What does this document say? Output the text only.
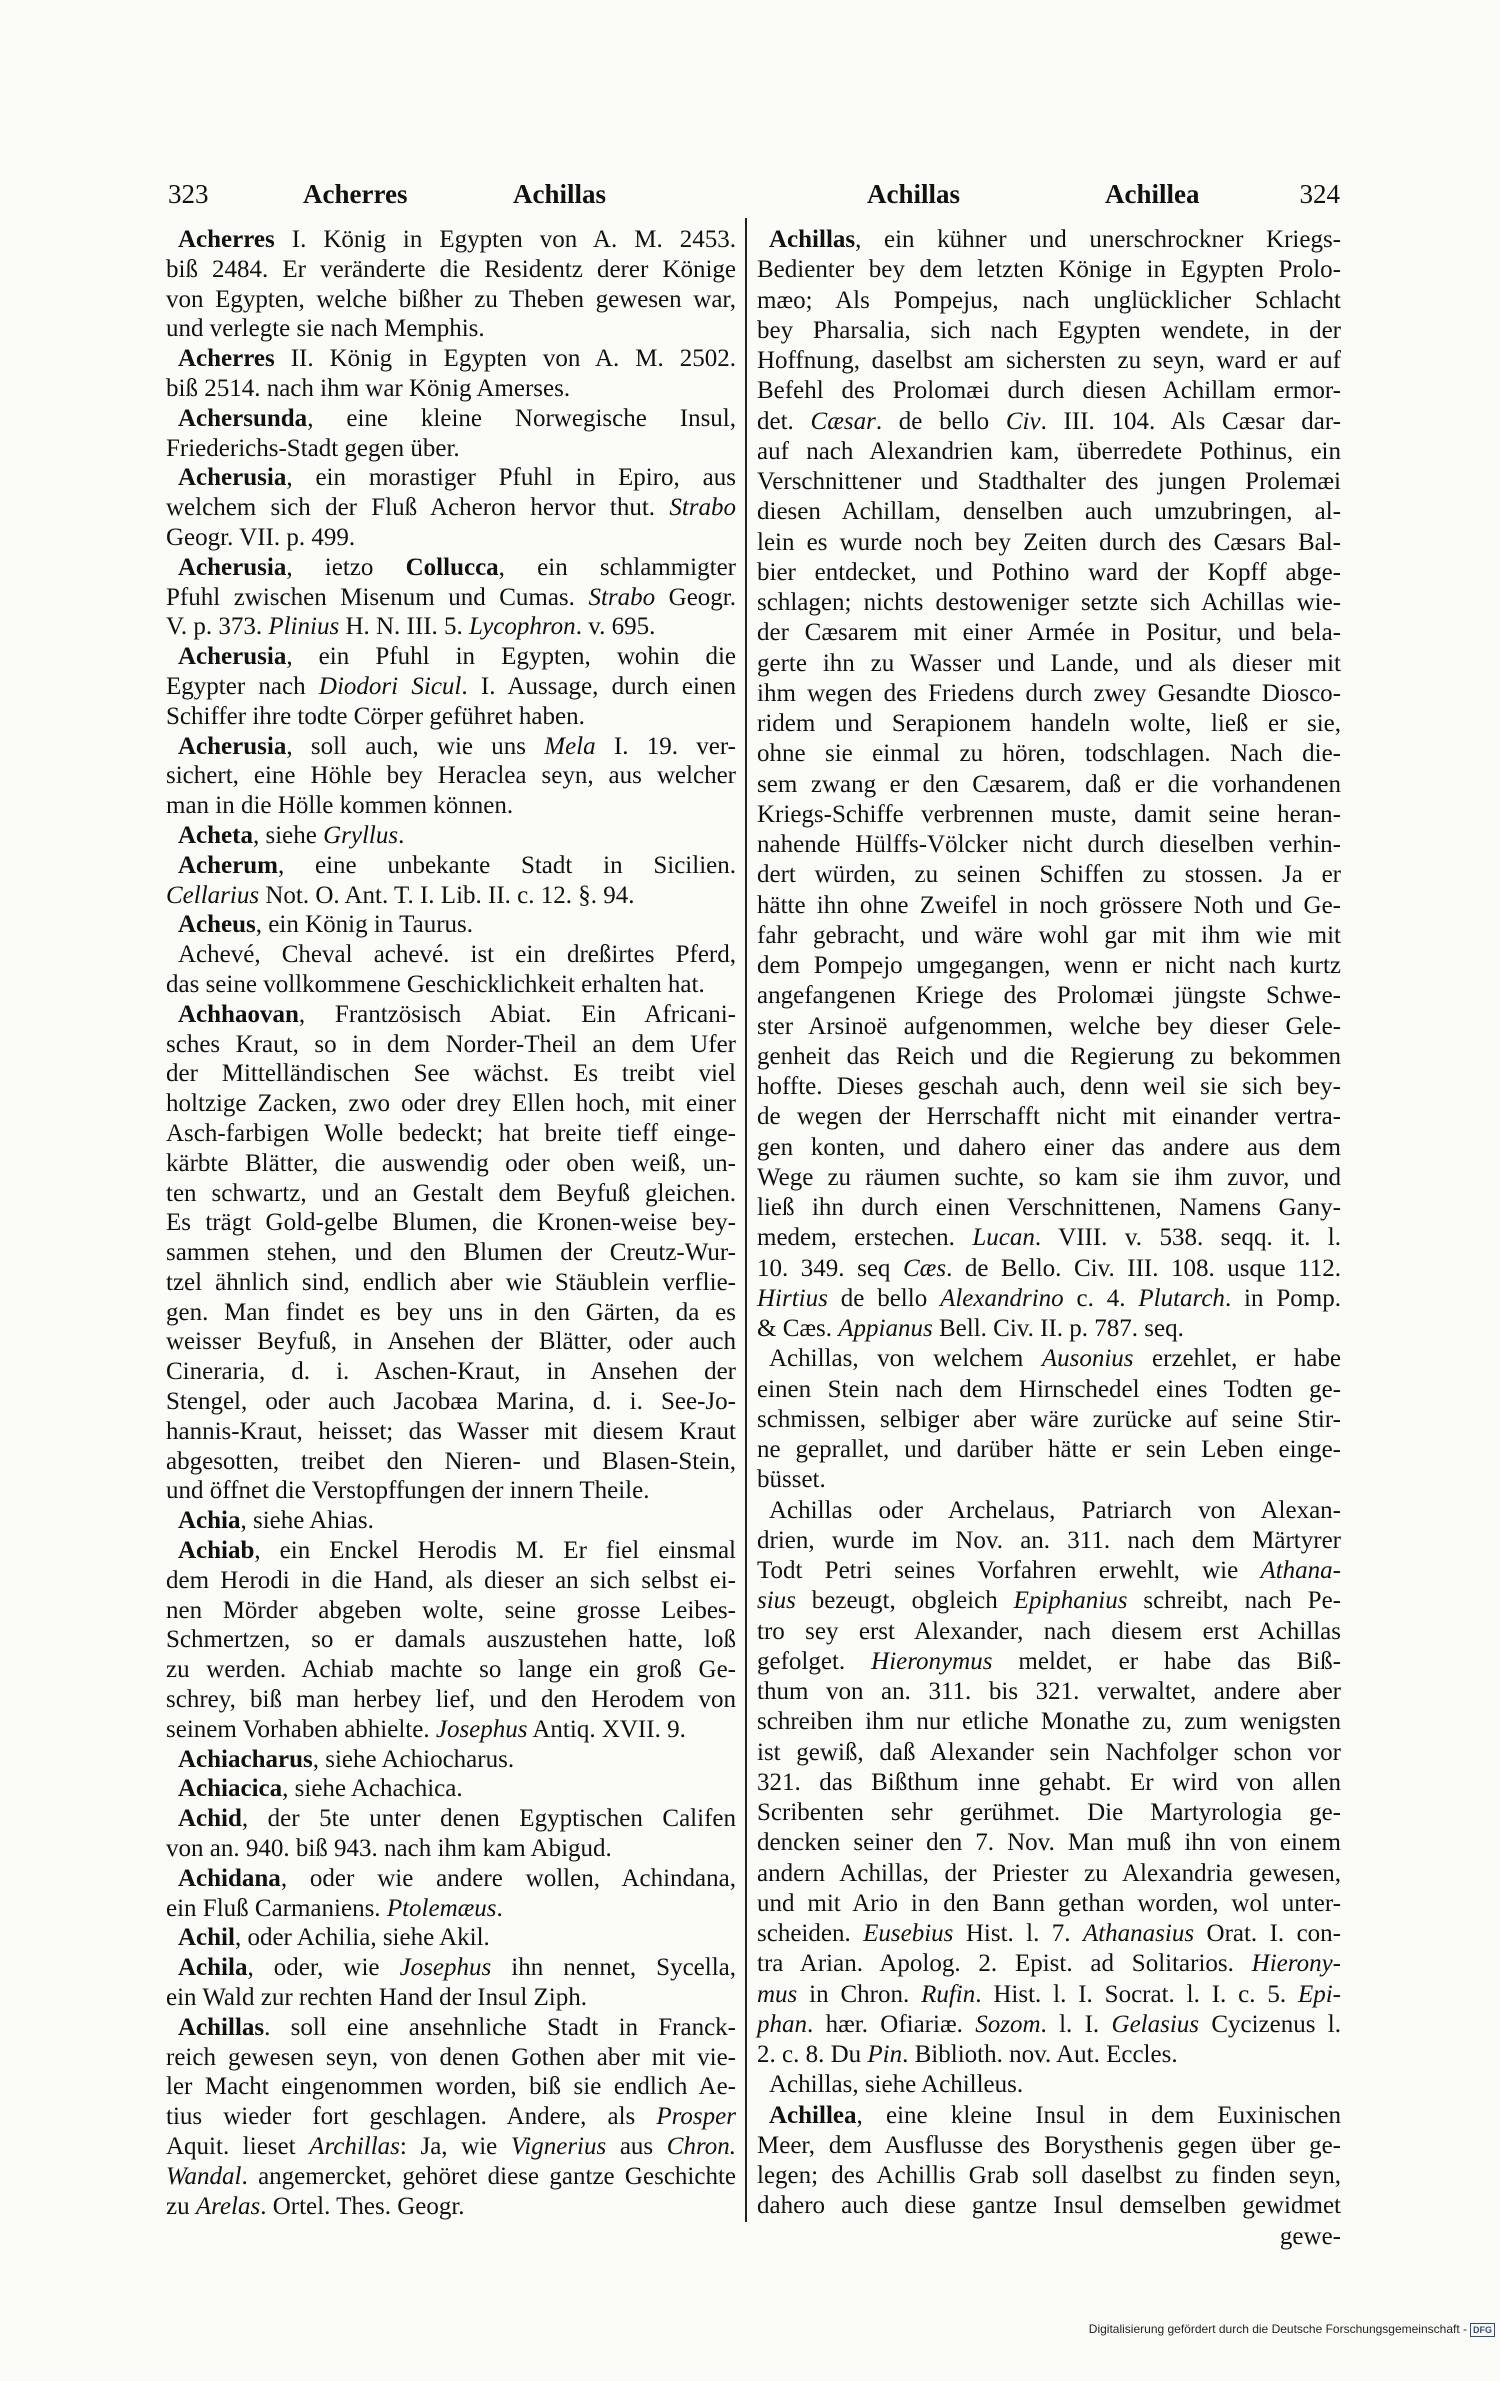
323	Acherres	Achillas	Achillas	Achillea	324
Acherres I. König in Egypten von A. M. 2453.
biß 2484. Er veränderte die Residentz derer Könige
von Egypten, welche bißher zu Theben gewesen war,
und verlegte sie nach Memphis.
Acherres II. König in Egypten von A. M. 2502.
biß 2514. nach ihm war König Amerses.
Achersunda, eine kleine Norwegische Insul,
Friederichs-Stadt gegen über.
Acherusia, ein morastiger Pfuhl in Epiro, aus
welchem sich der Fluß Acheron hervor thut. Strabo
Geogr. VII. p. 499.
Acherusia, ietzo Collucca, ein schlammigter
Pfuhl zwischen Misenum und Cumas. Strabo Geogr.
V. p. 373. Plinius H. N. III. 5. Lycophron. v. 695.
Acherusia, ein Pfuhl in Egypten, wohin die
Egypter nach Diodori Sicul. I. Aussage, durch einen
Schiffer ihre todte Cörper geführet haben.
Acherusia, soll auch, wie uns Mela I. 19. ver-
sichert, eine Höhle bey Heraclea seyn, aus welcher
man in die Hölle kommen können.
Acheta, siehe Gryllus.
Acherum, eine unbekante Stadt in Sicilien.
Cellarius Not. O. Ant. T. I. Lib. II. c. 12. §. 94.
Acheus, ein König in Taurus.
Achevé, Cheval achevé. ist ein dreßirtes Pferd,
das seine vollkommene Geschicklichkeit erhalten hat.
Achhaovan, Frantzösisch Abiat. Ein Africani-
sches Kraut, so in dem Norder-Theil an dem Ufer
der Mittelländischen See wächst. Es treibt viel
holtzige Zacken, zwo oder drey Ellen hoch, mit einer
Asch-farbigen Wolle bedeckt; hat breite tieff einge-
kärbte Blätter, die auswendig oder oben weiß, un-
ten schwartz, und an Gestalt dem Beyfuß gleichen.
Es trägt Gold-gelbe Blumen, die Kronen-weise bey-
sammen stehen, und den Blumen der Creutz-Wur-
tzel ähnlich sind, endlich aber wie Stäublein verflie-
gen. Man findet es bey uns in den Gärten, da es
weisser Beyfuß, in Ansehen der Blätter, oder auch
Cineraria, d. i. Aschen-Kraut, in Ansehen der
Stengel, oder auch Jacobæa Marina, d. i. See-Jo-
hannis-Kraut, heisset; das Wasser mit diesem Kraut
abgesotten, treibet den Nieren- und Blasen-Stein,
und öffnet die Verstopffungen der innern Theile.
Achia, siehe Ahias.
Achiab, ein Enckel Herodis M. Er fiel einsmal
dem Herodi in die Hand, als dieser an sich selbst ei-
nen Mörder abgeben wolte, seine grosse Leibes-
Schmertzen, so er damals auszustehen hatte, loß
zu werden. Achiab machte so lange ein groß Ge-
schrey, biß man herbey lief, und den Herodem von
seinem Vorhaben abhielte. Josephus Antiq. XVII. 9.
Achiacharus, siehe Achiocharus.
Achiacica, siehe Achachica.
Achid, der 5te unter denen Egyptischen Califen
von an. 940. biß 943. nach ihm kam Abigud.
Achidana, oder wie andere wollen, Achindana,
ein Fluß Carmaniens. Ptolemæus.
Achil, oder Achilia, siehe Akil.
Achila, oder, wie Josephus ihn nennet, Sycella,
ein Wald zur rechten Hand der Insul Ziph.
Achillas. soll eine ansehnliche Stadt in Franck-
reich gewesen seyn, von denen Gothen aber mit vie-
ler Macht eingenommen worden, biß sie endlich Ae-
tius wieder fort geschlagen. Andere, als Prosper
Aquit. lieset Archillas: Ja, wie Vignerius aus Chron.
Wandal. angemercket, gehöret diese gantze Geschichte
zu Arelas. Ortel. Thes. Geogr.
Achillas, ein kühner und unerschrockner Kriegs-
Bedienter bey dem letzten Könige in Egypten Prolo-
mæo; Als Pompejus, nach unglücklicher Schlacht
bey Pharsalia, sich nach Egypten wendete, in der
Hoffnung, daselbst am sichersten zu seyn, ward er auf
Befehl des Prolomæi durch diesen Achillam ermor-
det. Cæsar. de bello Civ. III. 104. Als Cæsar dar-
auf nach Alexandrien kam, überredete Pothinus, ein
Verschnittener und Stadthalter des jungen Prolemæi
diesen Achillam, denselben auch umzubringen, al-
lein es wurde noch bey Zeiten durch des Cæsars Bal-
bier entdecket, und Pothino ward der Kopff abge-
schlagen; nichts destoweniger setzte sich Achillas wie-
der Cæsarem mit einer Armée in Positur, und bela-
gerte ihn zu Wasser und Lande, und als dieser mit
ihm wegen des Friedens durch zwey Gesandte Diosco-
ridem und Serapionem handeln wolte, ließ er sie,
ohne sie einmal zu hören, todschlagen. Nach die-
sem zwang er den Cæsarem, daß er die vorhandenen
Kriegs-Schiffe verbrennen muste, damit seine heran-
nahende Hülffs-Völcker nicht durch dieselben verhin-
dert würden, zu seinen Schiffen zu stossen. Ja er
hätte ihn ohne Zweifel in noch grössere Noth und Ge-
fahr gebracht, und wäre wohl gar mit ihm wie mit
dem Pompejo umgegangen, wenn er nicht nach kurtz
angefangenen Kriege des Prolomæi jüngste Schwe-
ster Arsinoë aufgenommen, welche bey dieser Gele-
genheit das Reich und die Regierung zu bekommen
hoffte. Dieses geschah auch, denn weil sie sich bey-
de wegen der Herrschafft nicht mit einander vertra-
gen konten, und dahero einer das andere aus dem
Wege zu räumen suchte, so kam sie ihm zuvor, und
ließ ihn durch einen Verschnittenen, Namens Gany-
medem, erstechen. Lucan. VIII. v. 538. seqq. it. l.
10. 349. seq Cæs. de Bello. Civ. III. 108. usque 112.
Hirtius de bello Alexandrino c. 4. Plutarch. in Pomp.
& Cæs. Appianus Bell. Civ. II. p. 787. seq.
Achillas, von welchem Ausonius erzehlet, er habe
einen Stein nach dem Hirnschedel eines Todten ge-
schmissen, selbiger aber wäre zurücke auf seine Stir-
ne geprallet, und darüber hätte er sein Leben einge-
büsset.
Achillas oder Archelaus, Patriarch von Alexan-
drien, wurde im Nov. an. 311. nach dem Märtyrer
Todt Petri seines Vorfahren erwehlt, wie Athana-
sius bezeugt, obgleich Epiphanius schreibt, nach Pe-
tro sey erst Alexander, nach diesem erst Achillas
gefolget. Hieronymus meldet, er habe das Biß-
thum von an. 311. bis 321. verwaltet, andere aber
schreiben ihm nur etliche Monathe zu, zum wenigsten
ist gewiß, daß Alexander sein Nachfolger schon vor
321. das Bißthum inne gehabt. Er wird von allen
Scribenten sehr gerühmet. Die Martyrologia ge-
dencken seiner den 7. Nov. Man muß ihn von einem
andern Achillas, der Priester zu Alexandria gewesen,
und mit Ario in den Bann gethan worden, wol unter-
scheiden. Eusebius Hist. l. 7. Athanasius Orat. I. con-
tra Arian. Apolog. 2. Epist. ad Solitarios. Hierony-
mus in Chron. Rufin. Hist. l. I. Socrat. l. I. c. 5. Epi-
phan. hær. Ofiariæ. Sozom. l. I. Gelasius Cycizenus l.
2. c. 8. Du Pin. Biblioth. nov. Aut. Eccles.
Achillas, siehe Achilleus.
Achillea, eine kleine Insul in dem Euxinischen
Meer, dem Ausflusse des Borysthenis gegen über ge-
legen; des Achillis Grab soll daselbst zu finden seyn,
dahero auch diese gantze Insul demselben gewidmet
gewe-
Digitalisierung gefördert durch die Deutsche Forschungsgemeinschaft - DFG
